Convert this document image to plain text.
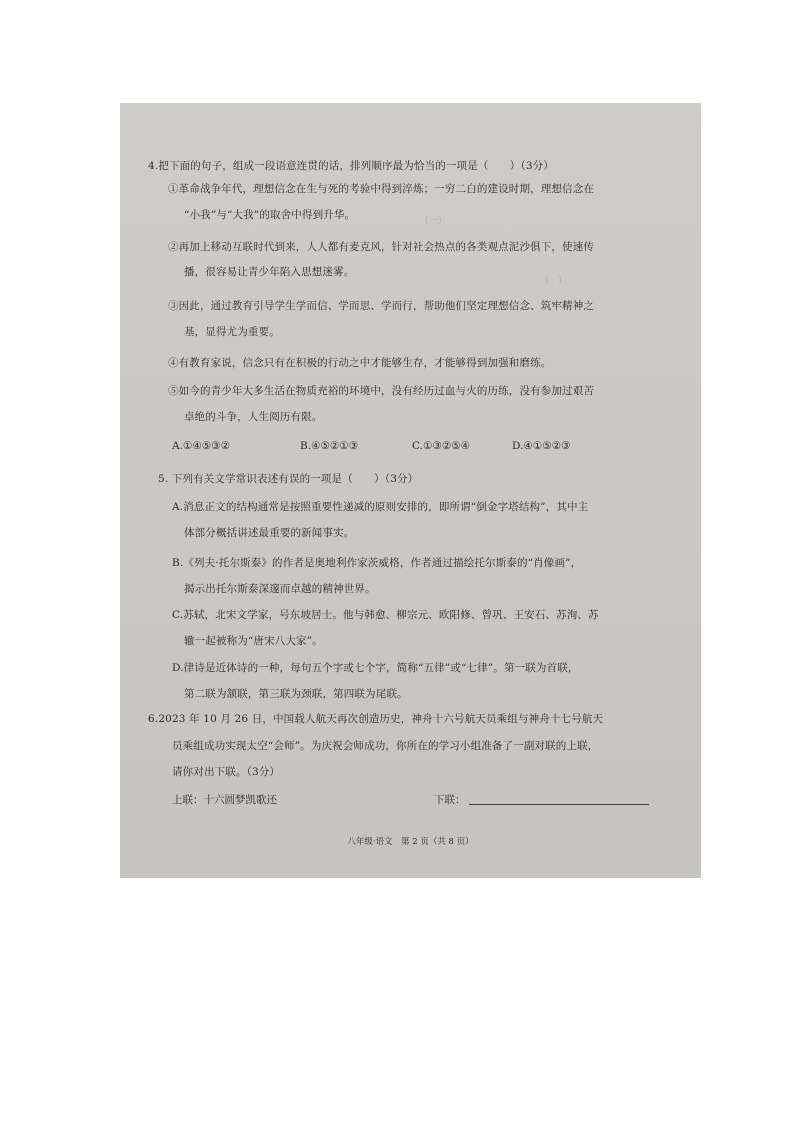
（一）
（　）

4.把下面的句子，组成一段语意连贯的话，排列顺序最为恰当的一项是（　　）（3分）
①革命战争年代，理想信念在生与死的考验中得到淬炼；一穷二白的建设时期，理想信念在
“小我”与“大我”的取舍中得到升华。
②再加上移动互联时代到来，人人都有麦克风，针对社会热点的各类观点泥沙俱下，使速传
播，很容易让青少年陷入思想迷雾。
③因此，通过教育引导学生学而信、学而思、学而行，帮助他们坚定理想信念、筑牢精神之
基，显得尤为重要。
④有教育家说，信念只有在积极的行动之中才能够生存，才能够得到加强和磨练。
⑤如今的青少年大多生活在物质充裕的环境中，没有经历过血与火的历练，没有参加过艰苦
卓绝的斗争，人生阅历有限。
A.①④⑤③②	B.④⑤②①③	C.①③②⑤④	D.④①⑤②③
5. 下列有关文学常识表述有误的一项是（　　）（3分）
A.消息正文的结构通常是按照重要性递减的原则安排的，即所谓“倒金字塔结构”，其中主
体部分概括讲述最重要的新闻事实。
B.《列夫·托尔斯泰》的作者是奥地利作家茨威格，作者通过描绘托尔斯泰的“肖像画”，
揭示出托尔斯泰深邃而卓越的精神世界。
C.苏轼，北宋文学家，号东坡居士。他与韩愈、柳宗元、欧阳修、曾巩、王安石、苏洵、苏
辙一起被称为“唐宋八大家”。
D.律诗是近体诗的一种，每句五个字或七个字，简称“五律”或“七律”。第一联为首联，
第二联为颔联，第三联为颈联，第四联为尾联。
6.2023 年 10 月 26 日，中国载人航天再次创造历史，神舟十六号航天员乘组与神舟十七号航天
员乘组成功实现太空“会师”。为庆祝会师成功，你所在的学习小组准备了一副对联的上联，
请你对出下联。（3分）
上联：十六圆梦凯歌还	下联：
八年级·语文　第 2 页（共 8 页）
